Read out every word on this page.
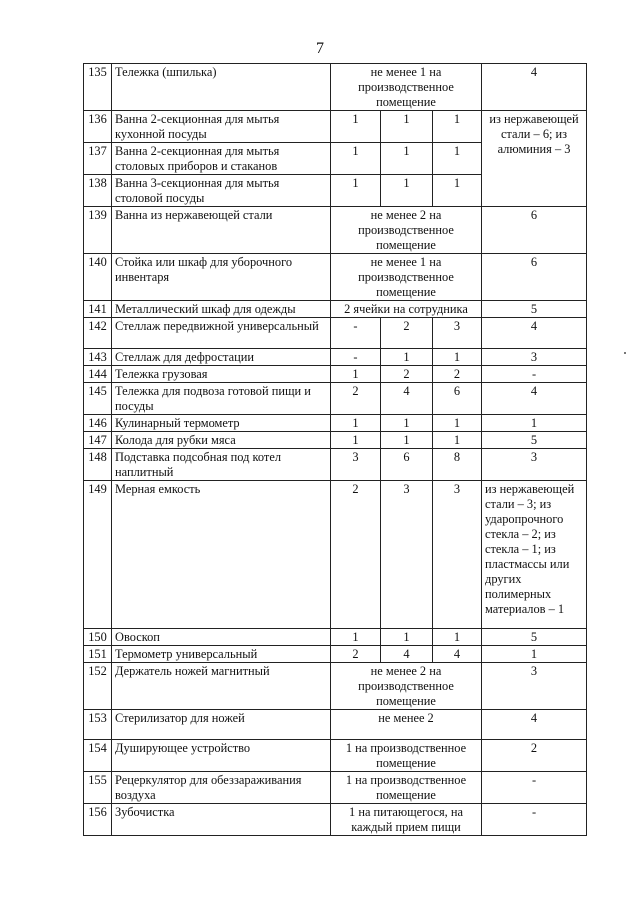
7
135	Тележка (шпилька)	не менее 1 на производственное помещение			4
136	Ванна 2-секционная для мытья кухонной посуды	1	1	1	из нержавеющей стали – 6; из алюминия – 3
137	Ванна 2-секционная для мытья столовых приборов и стаканов	1	1	1	
138	Ванна 3-секционная для мытья столовой посуды	1	1	1	
139	Ванна из нержавеющей стали	не менее 2 на производственное помещение			6
140	Стойка или шкаф для уборочного инвентаря	не менее 1 на производственное помещение			6
141	Металлический шкаф для одежды	2 ячейки на сотрудника			5
142	Стеллаж передвижной универсальный	-	2	3	4
143	Стеллаж для дефростации	-	1	1	3
144	Тележка грузовая	1	2	2	-
145	Тележка для подвоза готовой пищи и посуды	2	4	6	4
146	Кулинарный термометр	1	1	1	1
147	Колода для рубки мяса	1	1	1	5
148	Подставка подсобная под котел наплитный	3	6	8	3
149	Мерная емкость	2	3	3	из нержавеющей стали – 3; из ударопрочного стекла – 2; из стекла – 1; из пластмассы или других полимерных материалов – 1
150	Овоскоп	1	1	1	5
151	Термометр универсальный	2	4	4	1
152	Держатель ножей магнитный	не менее 2 на производственное помещение			3
153	Стерилизатор для ножей	не менее 2			4
154	Душирующее устройство	1 на производственное помещение			2
155	Рецеркулятор для обеззараживания воздуха	1 на производственное помещение			-
156	Зубочистка	1 на питающегося, на каждый прием пищи			-
